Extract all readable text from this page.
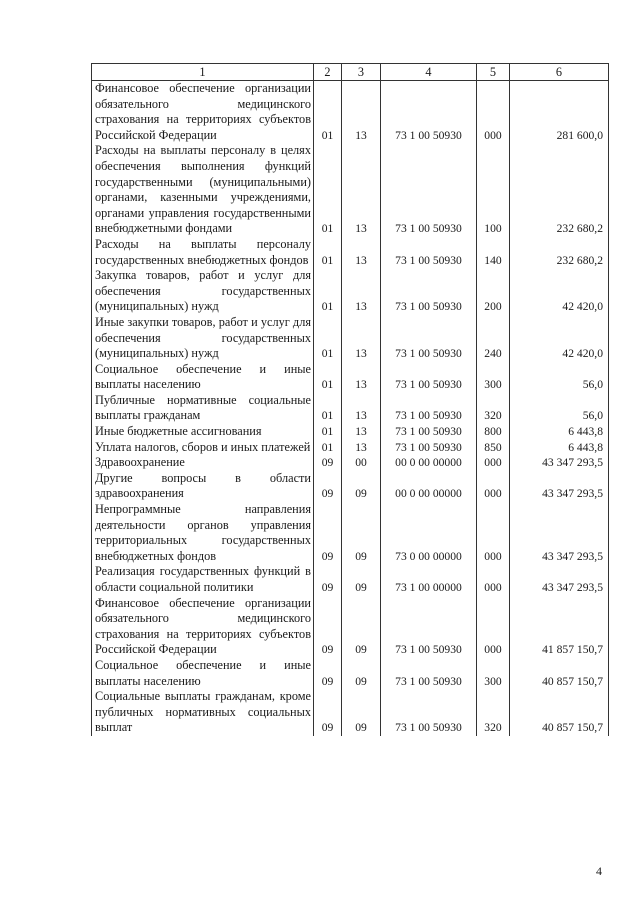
1	2	3	4	5	6
Финансовое обеспечение организации обязательного медицинского страхования на территориях субъектов Российской Федерации	01	13	73 1 00 50930	000	281 600,0
Расходы на выплаты персоналу в целях обеспечения выполнения функций государственными (муниципальными) органами, казенными учреждениями, органами управления государственными внебюджетными фондами	01	13	73 1 00 50930	100	232 680,2
Расходы на выплаты персоналу государственных внебюджетных фондов	01	13	73 1 00 50930	140	232 680,2
Закупка товаров, работ и услуг для обеспечения государственных (муниципальных) нужд	01	13	73 1 00 50930	200	42 420,0
Иные закупки товаров, работ и услуг для обеспечения государственных (муниципальных) нужд	01	13	73 1 00 50930	240	42 420,0
Социальное обеспечение и иные выплаты населению	01	13	73 1 00 50930	300	56,0
Публичные нормативные социальные выплаты гражданам	01	13	73 1 00 50930	320	56,0
Иные бюджетные ассигнования	01	13	73 1 00 50930	800	6 443,8
Уплата налогов, сборов и иных платежей	01	13	73 1 00 50930	850	6 443,8
Здравоохранение	09	00	00 0 00 00000	000	43 347 293,5
Другие вопросы в области здравоохранения	09	09	00 0 00 00000	000	43 347 293,5
Непрограммные направления деятельности органов управления территориальных государственных внебюджетных фондов	09	09	73 0 00 00000	000	43 347 293,5
Реализация государственных функций в области социальной политики	09	09	73 1 00 00000	000	43 347 293,5
Финансовое обеспечение организации обязательного медицинского страхования на территориях субъектов Российской Федерации	09	09	73 1 00 50930	000	41 857 150,7
Социальное обеспечение и иные выплаты населению	09	09	73 1 00 50930	300	40 857 150,7
Социальные выплаты гражданам, кроме публичных нормативных социальных выплат	09	09	73 1 00 50930	320	40 857 150,7
4
